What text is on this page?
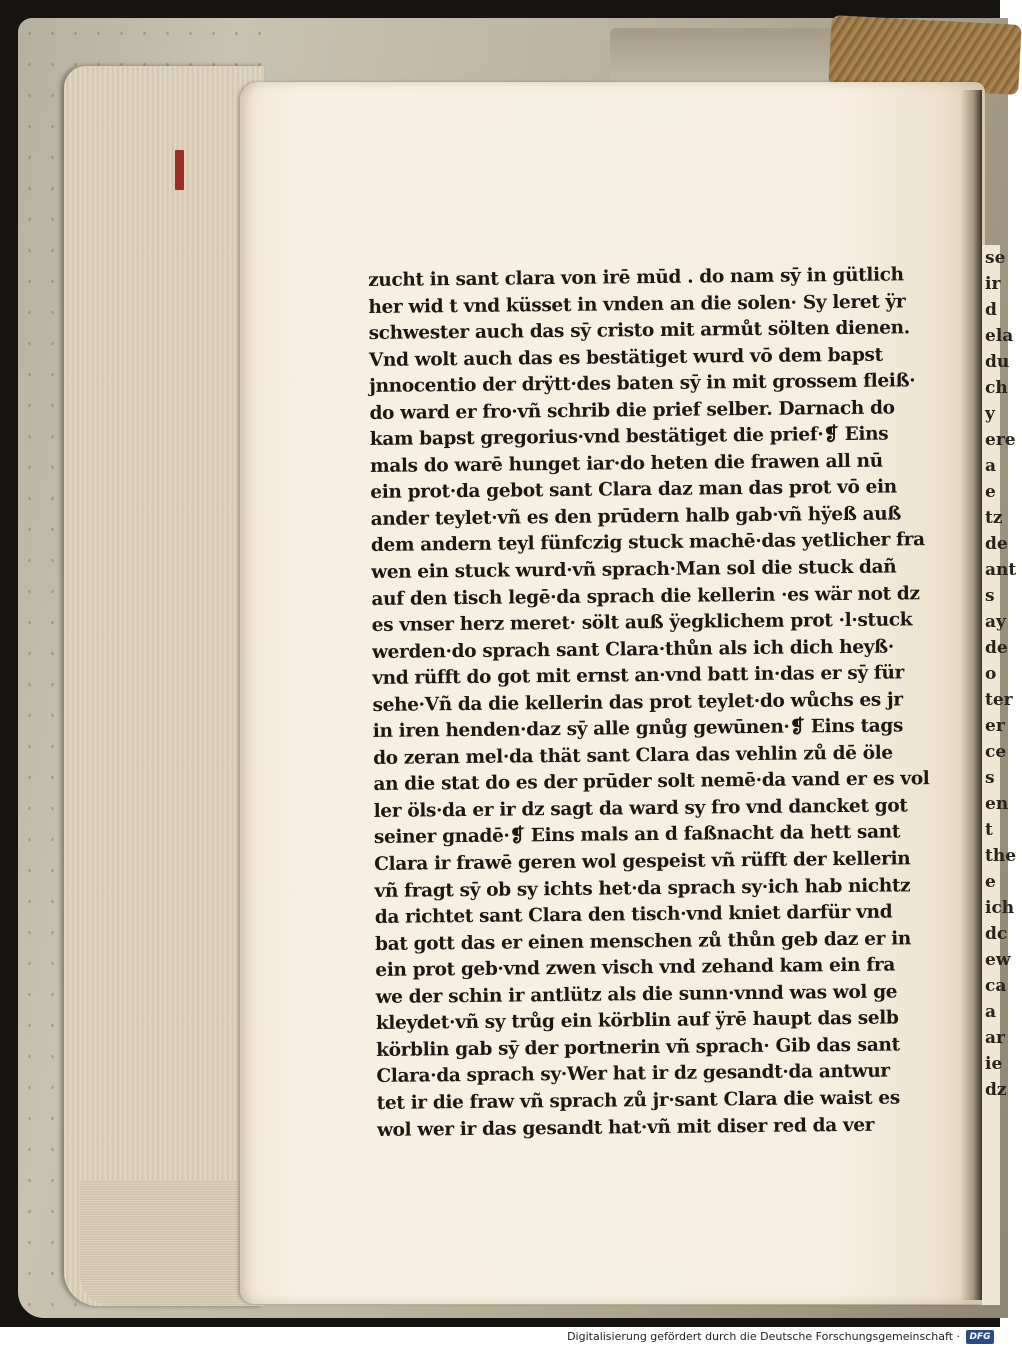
se
ir
d
ela
du
ch
y
ere
a
e
tz
de
ant
s
ay
de
o
ter
er
ce
s
en
t
the
e
ich
dc
ew
ca
a
ar
ie
dz
zucht in sant clara von irē mūd . do nam sȳ in gütlich
her wid t vnd küsset in vnden an die solen· Sy leret ÿr
schwester auch das sȳ cristo mit armůt sölten dienen.
Vnd wolt auch das es bestätiget wurd vō dem bapst
jnnocentio der drÿtt·des baten sȳ in mit grossem fleiß·
do ward er fro·vñ schrib die prief selber. Darnach do
kam bapst gregorius·vnd bestätiget die prief·❡ Eins
mals do warē hunget iar·do heten die frawen all nū
ein prot·da gebot sant Clara daz man das prot vō ein
ander teylet·vñ es den prūdern halb gab·vñ hÿeß auß
dem andern teyl fünfczig stuck machē·das yetlicher fra
wen ein stuck wurd·vñ sprach·Man sol die stuck dañ
auf den tisch legē·da sprach die kellerin ·es wär not dz
es vnser herz meret· sölt auß ÿegklichem prot ·l·stuck
werden·do sprach sant Clara·thůn als ich dich heyß·
vnd rüfft do got mit ernst an·vnd batt in·das er sȳ für
sehe·Vñ da die kellerin das prot teylet·do wůchs es jr
in iren henden·daz sȳ alle gnůg gewūnen·❡ Eins tags
do zeran mel·da thät sant Clara das vehlin zů dē öle
an die stat do es der prūder solt nemē·da vand er es vol
ler öls·da er ir dz sagt da ward sy fro vnd dancket got
seiner gnadē·❡ Eins mals an d faßnacht da hett sant
Clara ir frawē geren wol gespeist vñ rüfft der kellerin
vñ fragt sȳ ob sy ichts het·da sprach sy·ich hab nichtz
da richtet sant Clara den tisch·vnd kniet darfür vnd
bat gott das er einen menschen zů thůn geb daz er in
ein prot geb·vnd zwen visch vnd zehand kam ein fra
we der schin ir antlütz als die sunn·vnnd was wol ge
kleydet·vñ sy trůg ein körblin auf ÿrē haupt das selb
körblin gab sȳ der portnerin vñ sprach· Gib das sant
Clara·da sprach sy·Wer hat ir dz gesandt·da antwur
tet ir die fraw vñ sprach zů jr·sant Clara die waist es
wol wer ir das gesandt hat·vñ mit diser red da ver
Digitalisierung gefördert durch die Deutsche Forschungsgemeinschaft ·	DFG
